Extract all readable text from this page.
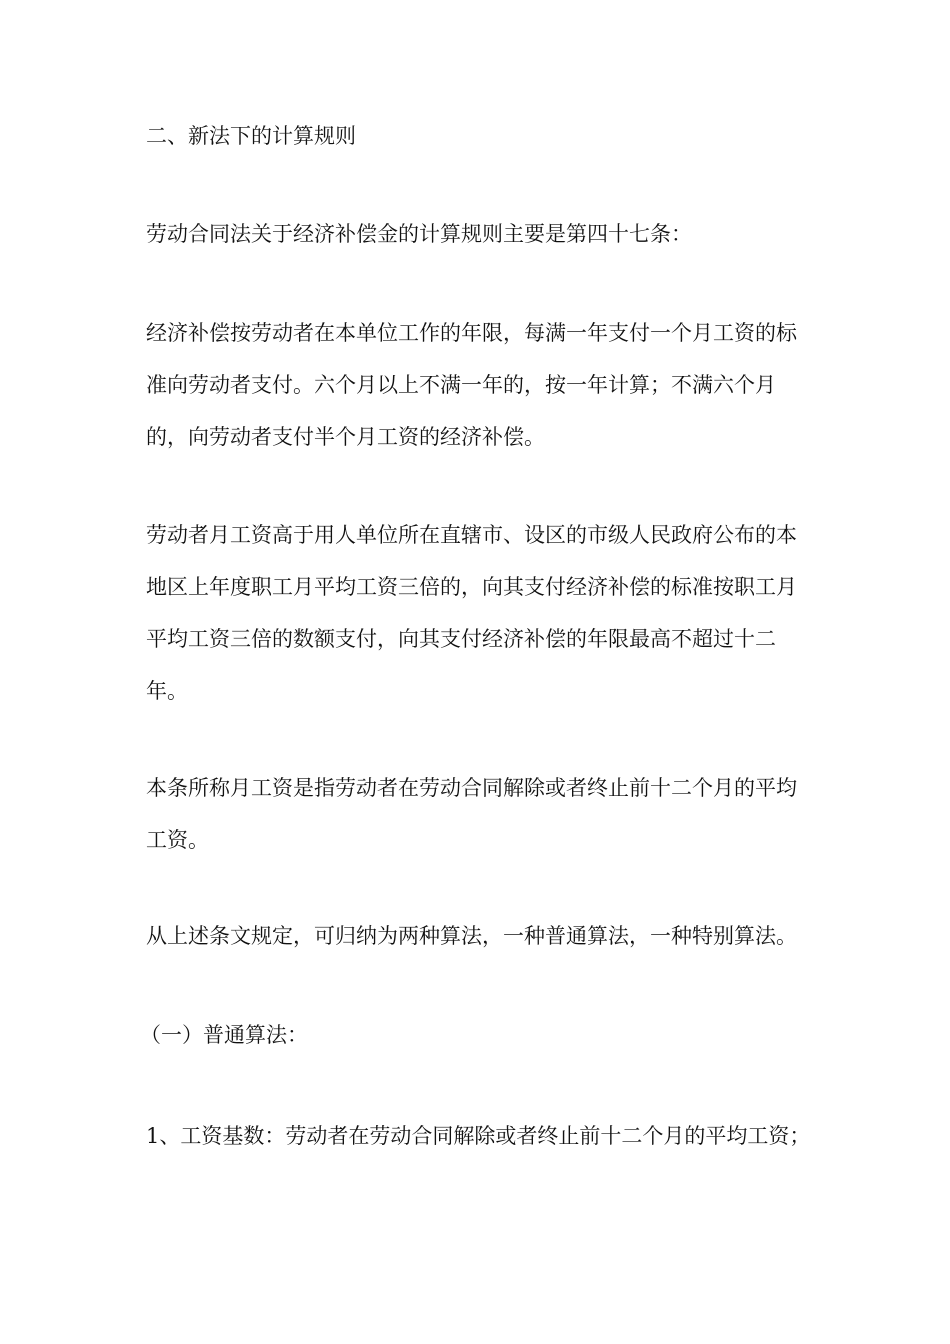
二、新法下的计算规则

劳动合同法关于经济补偿金的计算规则主要是第四十七条：

经济补偿按劳动者在本单位工作的年限，每满一年支付一个月工资的标准向劳动者支付。六个月以上不满一年的，按一年计算；不满六个月的，向劳动者支付半个月工资的经济补偿。

劳动者月工资高于用人单位所在直辖市、设区的市级人民政府公布的本地区上年度职工月平均工资三倍的，向其支付经济补偿的标准按职工月平均工资三倍的数额支付，向其支付经济补偿的年限最高不超过十二年。

本条所称月工资是指劳动者在劳动合同解除或者终止前十二个月的平均工资。

从上述条文规定，可归纳为两种算法，一种普通算法，一种特别算法。

（一）普通算法：

1、工资基数：劳动者在劳动合同解除或者终止前十二个月的平均工资；
